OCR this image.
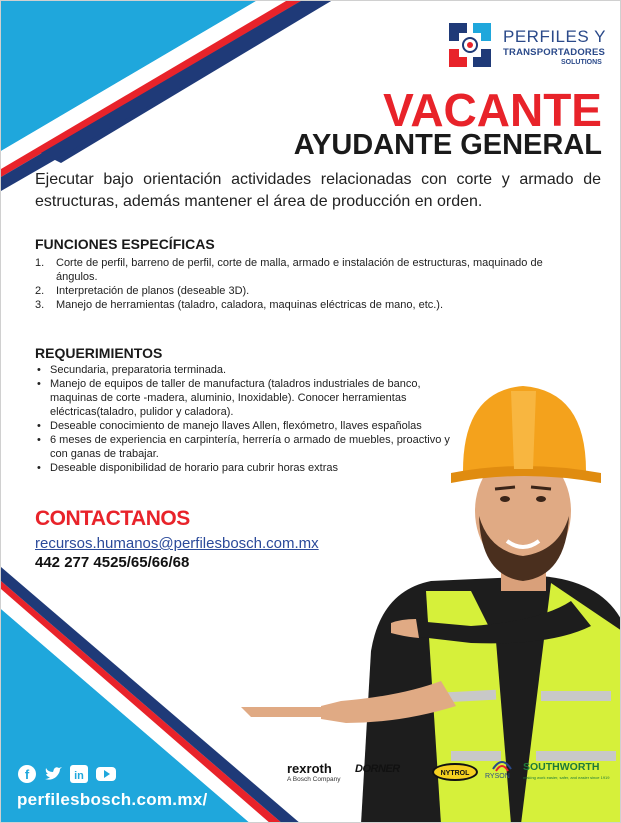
PERFILES Y
TRANSPORTADORES
SOLUTIONS
VACANTE
AYUDANTE GENERAL
Ejecutar bajo orientación actividades relacionadas con corte y armado de estructuras, además mantener el área de producción en orden.
FUNCIONES ESPECÍFICAS
1. Corte de perfil, barreno de perfil, corte de malla, armado e instalación de estructuras, maquinado de ángulos.
2. Interpretación de planos (deseable 3D).
3. Manejo de herramientas (taladro, caladora, maquinas eléctricas de mano, etc.).
REQUERIMIENTOS
• Secundaria, preparatoria terminada.
• Manejo de equipos de taller de manufactura (taladros industriales de banco, maquinas de corte -madera, aluminio, Inoxidable). Conocer herramientas eléctricas(taladro, pulidor y caladora).
• Deseable conocimiento de manejo llaves Allen, flexómetro, llaves españolas
• 6 meses de experiencia en carpintería, herrería o armado de muebles, proactivo y con ganas de trabajar.
• Deseable disponibilidad de horario para cubrir horas extras
CONTACTANOS
recursos.humanos@perfilesbosch.com.mx
442 277 4525/65/66/68
f	in
perfilesbosch.com.mx/
rexroth
A Bosch Company
DORNER	NYTROL	RYSON
SOUTHWORTH
making work easier, safer, and easier since 1919
